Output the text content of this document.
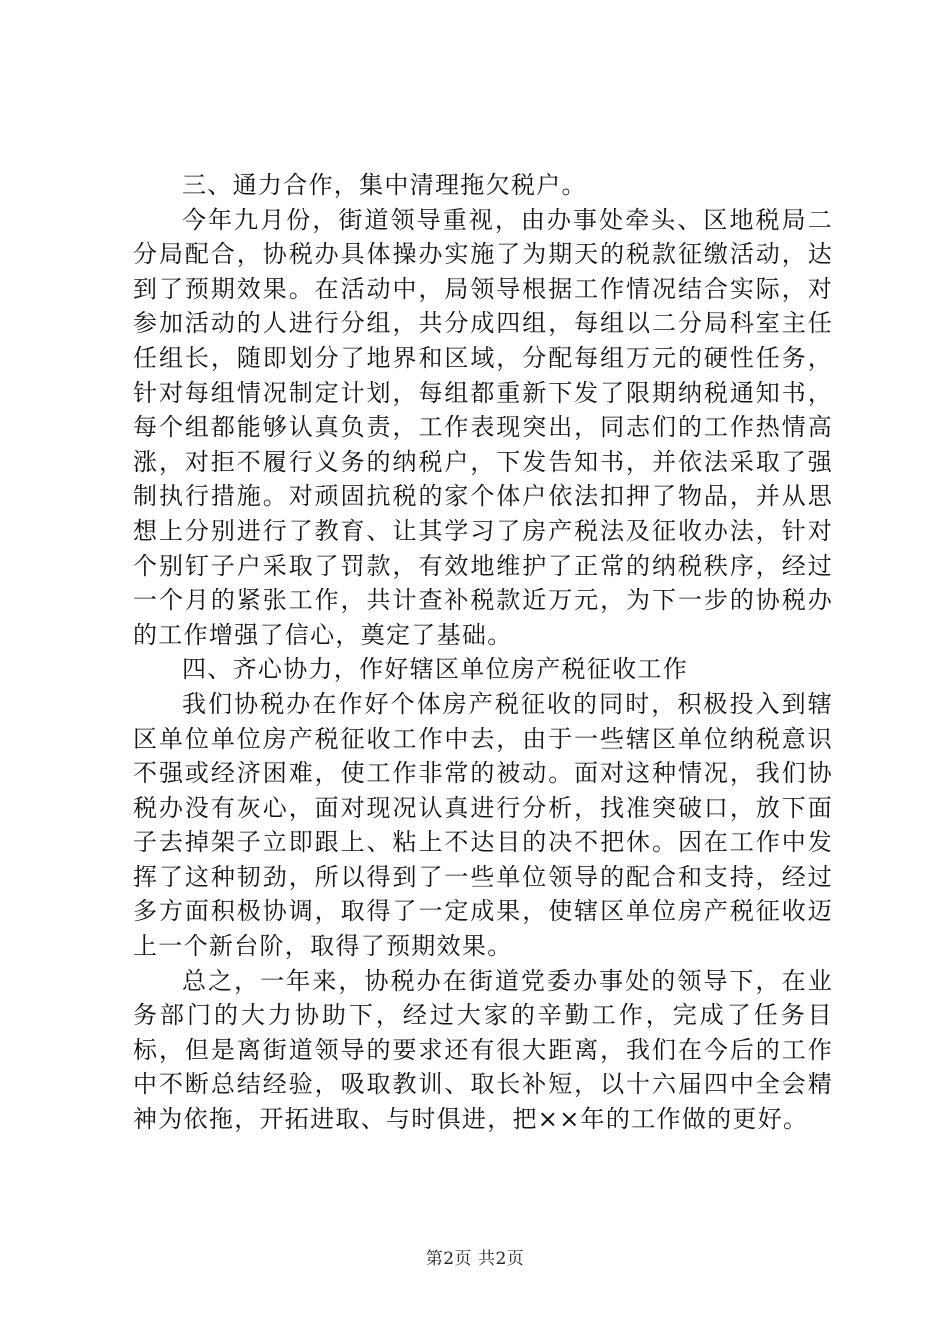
三、通力合作，集中清理拖欠税户。

今年九月份，街道领导重视，由办事处牵头、区地税局二分局配合，协税办具体操办实施了为期天的税款征缴活动，达到了预期效果。在活动中，局领导根据工作情况结合实际，对参加活动的人进行分组，共分成四组，每组以二分局科室主任任组长，随即划分了地界和区域，分配每组万元的硬性任务，针对每组情况制定计划，每组都重新下发了限期纳税通知书，每个组都能够认真负责，工作表现突出，同志们的工作热情高涨，对拒不履行义务的纳税户，下发告知书，并依法采取了强制执行措施。对顽固抗税的家个体户依法扣押了物品，并从思想上分别进行了教育、让其学习了房产税法及征收办法，针对个别钉子户采取了罚款，有效地维护了正常的纳税秩序，经过一个月的紧张工作，共计查补税款近万元，为下一步的协税办的工作增强了信心，奠定了基础。

四、齐心协力，作好辖区单位房产税征收工作

我们协税办在作好个体房产税征收的同时，积极投入到辖区单位单位房产税征收工作中去，由于一些辖区单位纳税意识不强或经济困难，使工作非常的被动。面对这种情况，我们协税办没有灰心，面对现况认真进行分析，找准突破口，放下面子去掉架子立即跟上、粘上不达目的决不把休。因在工作中发挥了这种韧劲，所以得到了一些单位领导的配合和支持，经过多方面积极协调，取得了一定成果，使辖区单位房产税征收迈上一个新台阶，取得了预期效果。

总之，一年来，协税办在街道党委办事处的领导下，在业务部门的大力协助下，经过大家的辛勤工作，完成了任务目标，但是离街道领导的要求还有很大距离，我们在今后的工作中不断总结经验，吸取教训、取长补短，以十六届四中全会精神为依拖，开拓进取、与时俱进，把××年的工作做的更好。

第2页 共2页
